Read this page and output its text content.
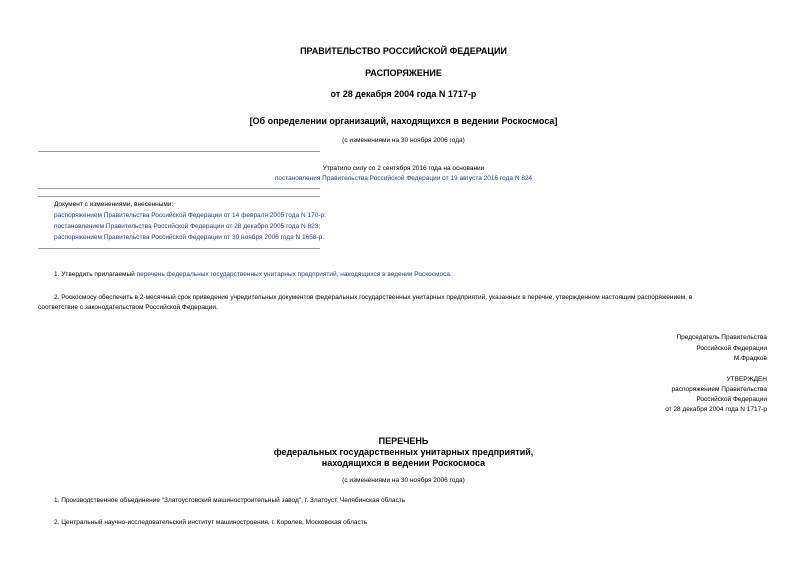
ПРАВИТЕЛЬСТВО РОССИЙСКОЙ ФЕДЕРАЦИИ
РАСПОРЯЖЕНИЕ
от 28 декабря 2004 года N 1717-р
[Об определении организаций, находящихся в ведении Роскосмоса]
(с изменениями на 30 ноября 2006 года)
Утратило силу со 2 сентября 2016 года на основании
постановления Правительства Российской Федерации от 19 августа 2016 года N 824
Документ с изменениями, внесенными:
распоряжением Правительства Российской Федерации от 14 февраля 2005 года N 170-р;
постановлением Правительства Российской Федерации от 28 декабря 2005 года N 823;
распоряжением Правительства Российской Федерации от 30 ноября 2006 года N 1658-р.
1. Утвердить прилагаемый перечень федеральных государственных унитарных предприятий, находящихся в ведении Роскосмоса.
2. Роскосмосу обеспечить в 2-месячный срок приведение учредительных документов федеральных государственных унитарных предприятий, указанных в перечне, утвержденном настоящим распоряжением, в
соответствие с законодательством Российской Федерации.
Председатель Правительства
Российской Федерации
М.Фрадков
УТВЕРЖДЕН
распоряжением Правительства
Российской Федерации
от 28 декабря 2004 года N 1717-р
ПЕРЕЧЕНЬ
федеральных государственных унитарных предприятий,
находящихся в ведении Роскосмоса
(с изменениями на 30 ноября 2006 года)
1. Производственное объединение "Златоустовский машиностроительный завод", г. Златоуст, Челябинская область
2. Центральный научно-исследовательский институт машиностроения, г. Королев, Московская область
